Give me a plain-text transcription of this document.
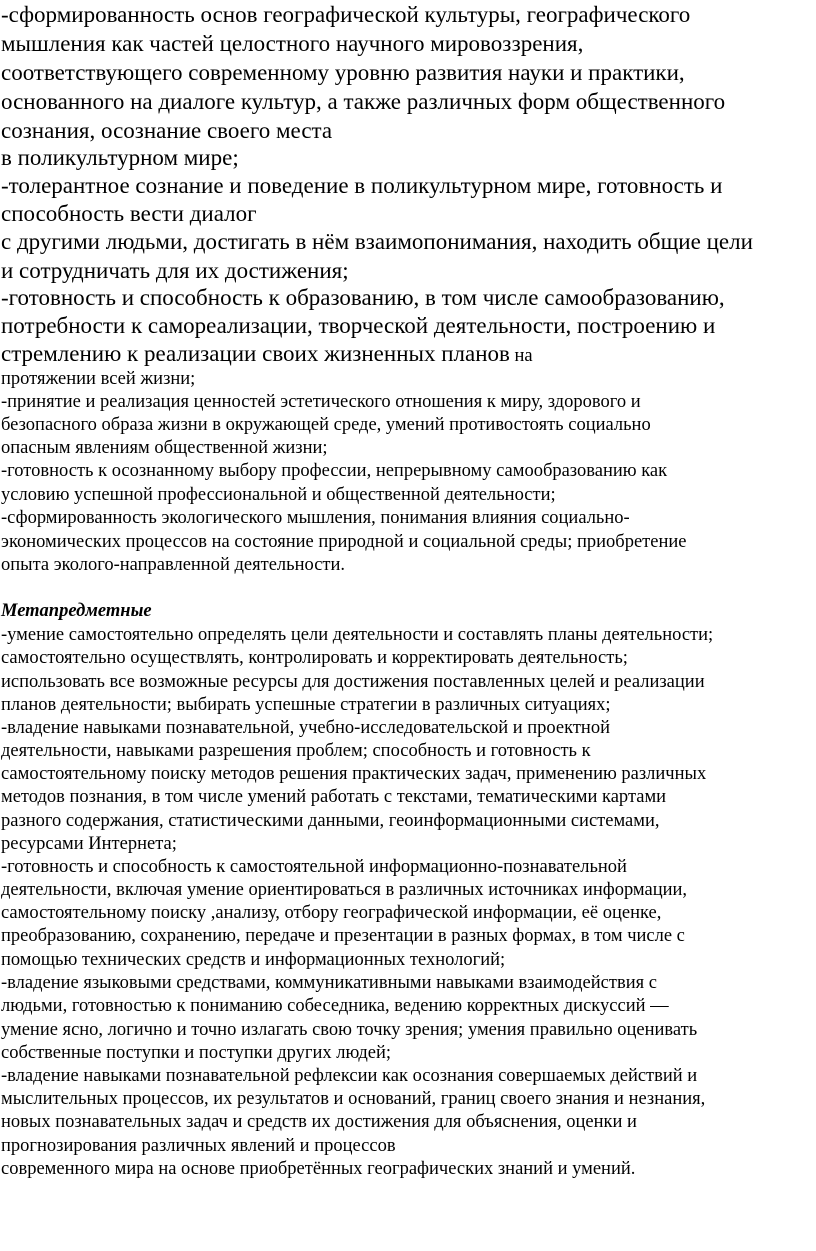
-сформированность основ географической культуры, географического
мышления как частей целостного научного мировоззрения,
соответствующего современному уровню развития науки и практики,
основанного на диалоге культур, а также различных форм общественного
сознания, осознание своего места
в поликультурном мире;
-толерантное сознание и поведение в поликультурном мире, готовность и
способность вести диалог
с другими людьми, достигать в нём взаимопонимания, находить общие цели
и сотрудничать для их достижения;
-готовность и способность к образованию, в том числе самообразованию,
потребности к самореализации, творческой деятельности, построению и
стремлению к реализации своих жизненных планов на
протяжении всей жизни;
-принятие и реализация ценностей эстетического отношения к миру, здорового и
безопасного образа жизни в окружающей среде, умений противостоять социально
опасным явлениям общественной жизни;
-готовность к осознанному выбору профессии, непрерывному самообразованию как
условию успешной профессиональной и общественной деятельности;
-сформированность экологического мышления, понимания влияния социально-
экономических процессов на состояние природной и социальной среды; приобретение
опыта эколого-направленной деятельности.
Метапредметные
-умение самостоятельно определять цели деятельности и составлять планы деятельности;
самостоятельно осуществлять, контролировать и корректировать деятельность;
использовать все возможные ресурсы для достижения поставленных целей и реализации
планов деятельности; выбирать успешные стратегии в различных ситуациях;
-владение навыками познавательной, учебно-исследовательской и проектной
деятельности, навыками разрешения проблем; способность и готовность к
самостоятельному поиску методов решения практических задач, применению различных
методов познания, в том числе умений работать с текстами, тематическими картами
разного содержания, статистическими данными, геоинформационными системами,
ресурсами Интернета;
-готовность и способность к самостоятельной информационно-познавательной
деятельности, включая умение ориентироваться в различных источниках информации,
самостоятельному поиску ,анализу, отбору географической информации, её оценке,
преобразованию, сохранению, передаче и презентации в разных формах, в том числе с
помощью технических средств и информационных технологий;
-владение языковыми средствами, коммуникативными навыками взаимодействия с
людьми, готовностью к пониманию собеседника, ведению корректных дискуссий —
умение ясно, логично и точно излагать свою точку зрения; умения правильно оценивать
собственные поступки и поступки других людей;
-владение навыками познавательной рефлексии как осознания совершаемых действий и
мыслительных процессов, их результатов и оснований, границ своего знания и незнания,
новых познавательных задач и средств их достижения для объяснения, оценки и
прогнозирования различных явлений и процессов
современного мира на основе приобретённых географических знаний и умений.
